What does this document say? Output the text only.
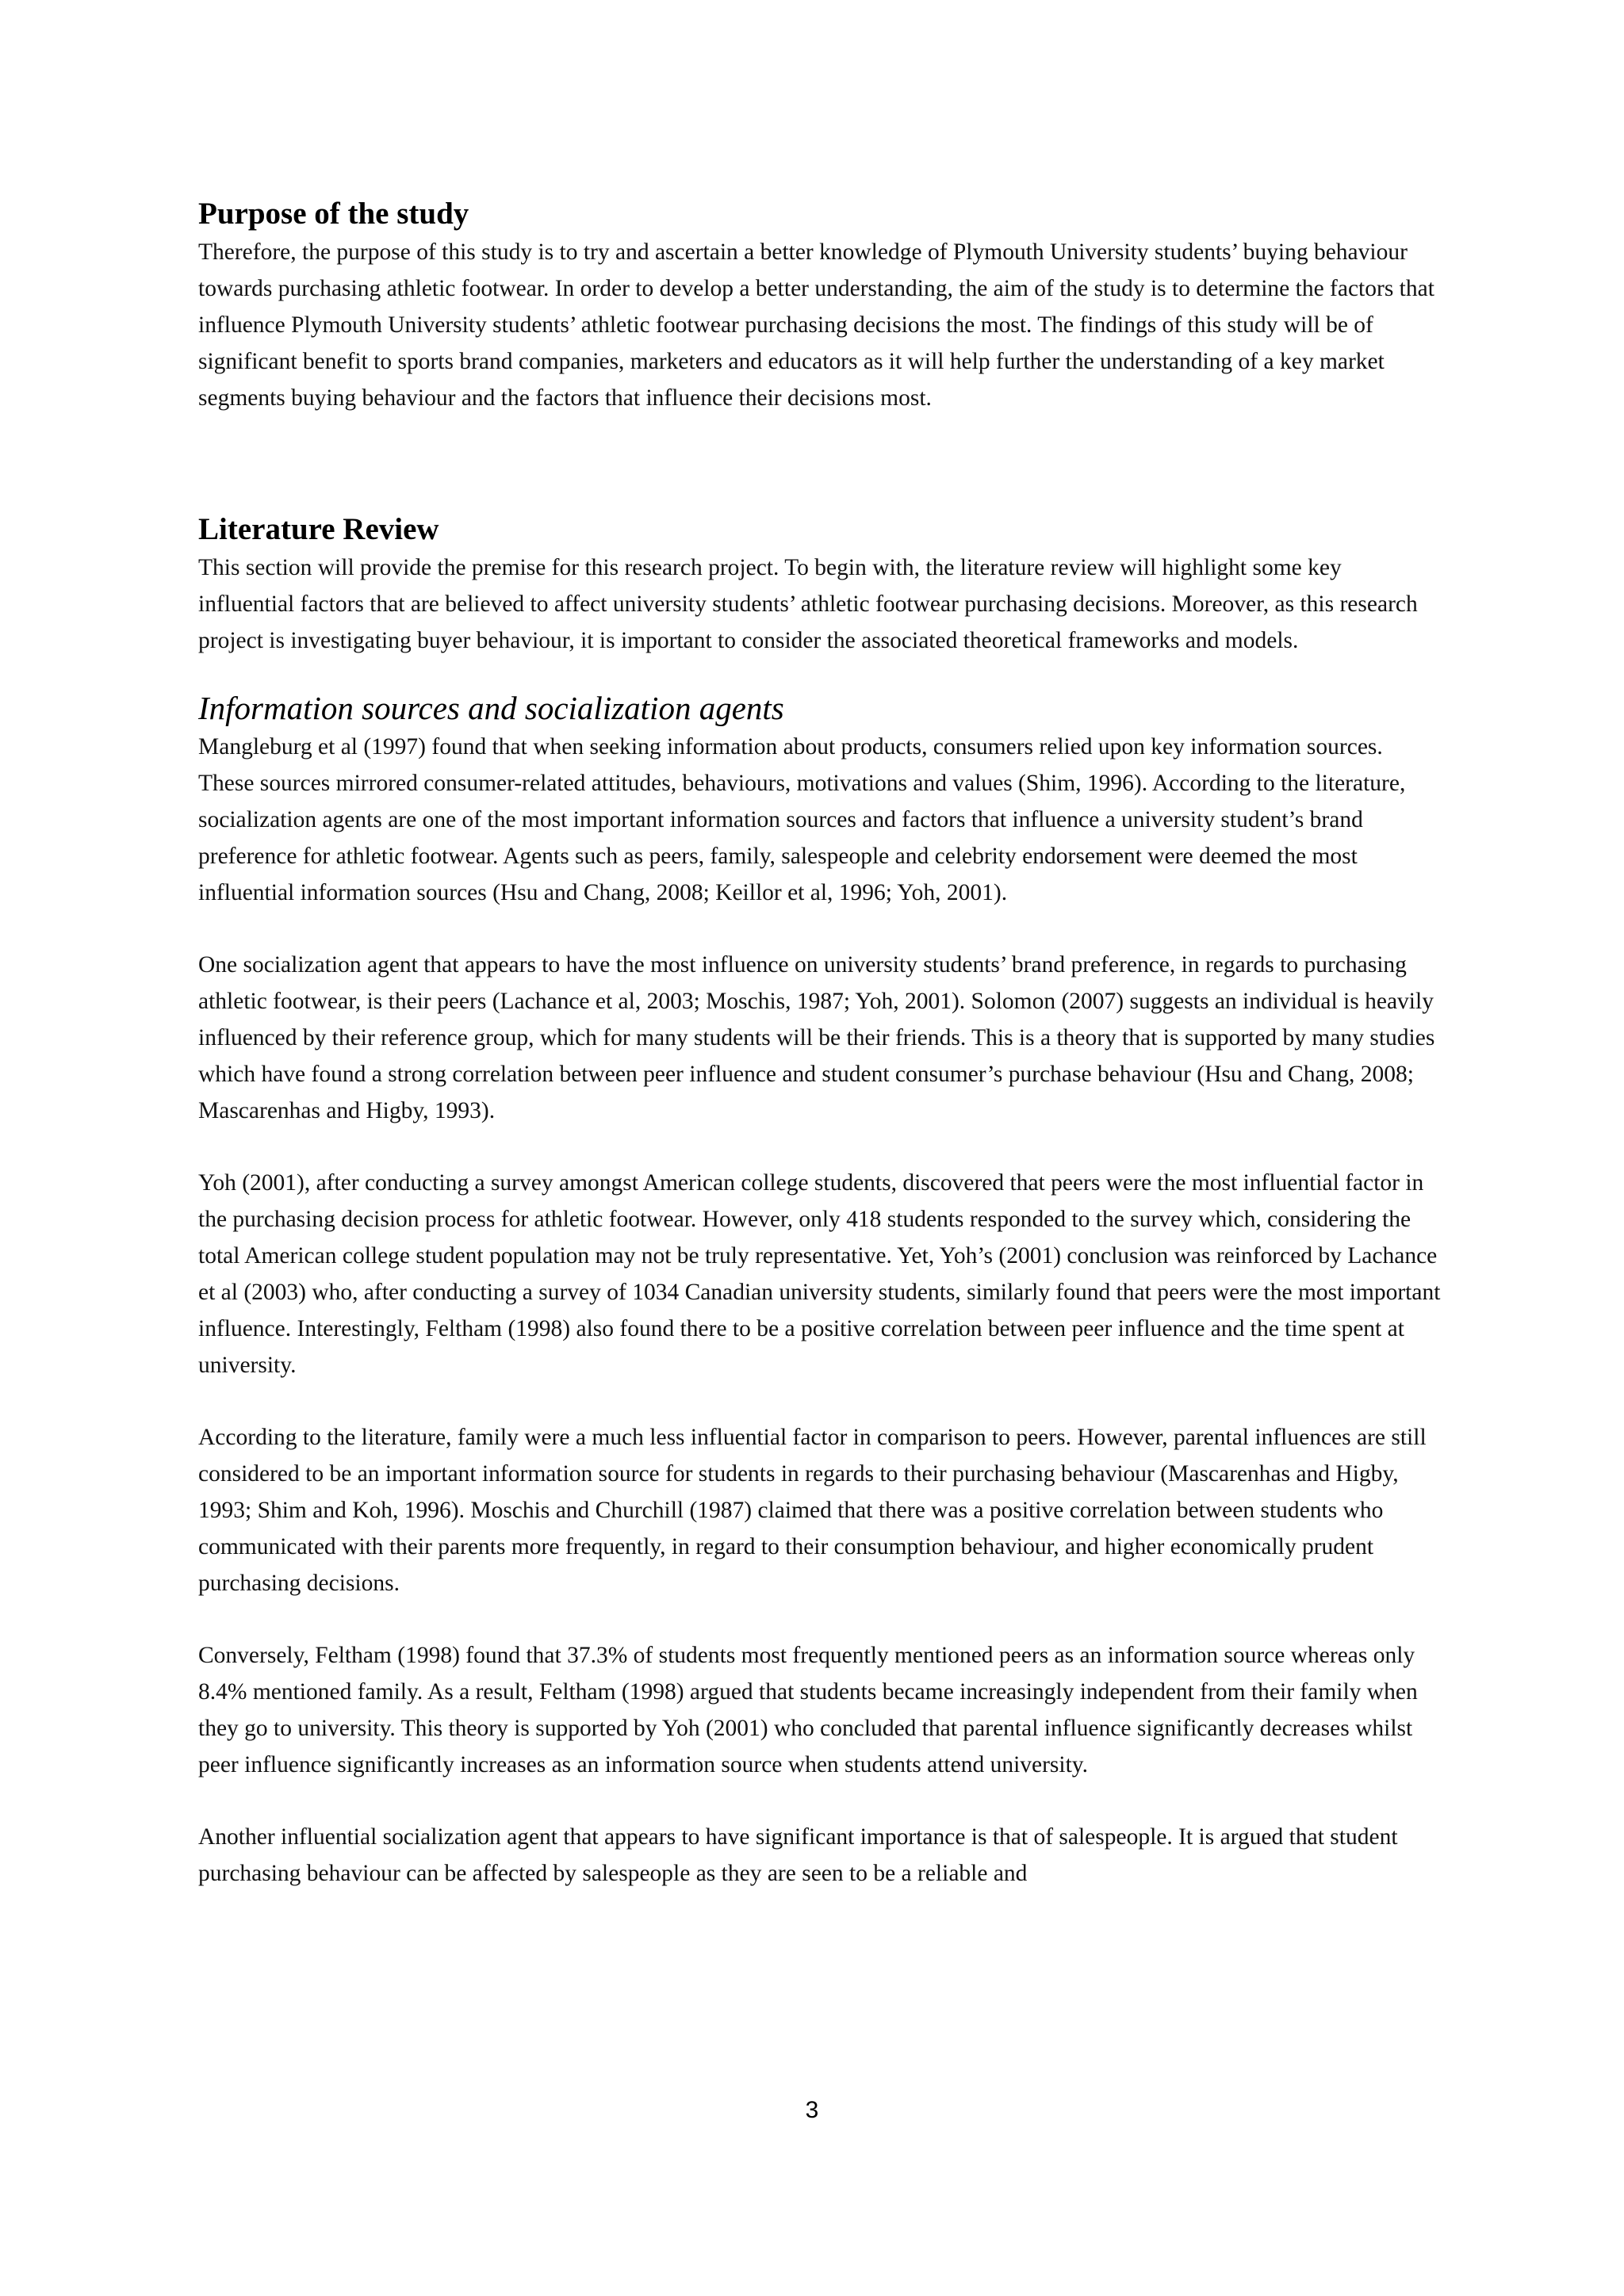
Purpose of the study

Therefore, the purpose of this study is to try and ascertain a better knowledge of Plymouth University students’ buying behaviour towards purchasing athletic footwear. In order to develop a better understanding, the aim of the study is to determine the factors that influence Plymouth University students’ athletic footwear purchasing decisions the most. The findings of this study will be of significant benefit to sports brand companies, marketers and educators as it will help further the understanding of a key market segments buying behaviour and the factors that influence their decisions most.

Literature Review

This section will provide the premise for this research project. To begin with, the literature review will highlight some key influential factors that are believed to affect university students’ athletic footwear purchasing decisions. Moreover, as this research project is investigating buyer behaviour, it is important to consider the associated theoretical frameworks and models.

Information sources and socialization agents

Mangleburg et al (1997) found that when seeking information about products, consumers relied upon key information sources. These sources mirrored consumer-related attitudes, behaviours, motivations and values (Shim, 1996). According to the literature, socialization agents are one of the most important information sources and factors that influence a university student’s brand preference for athletic footwear. Agents such as peers, family, salespeople and celebrity endorsement were deemed the most influential information sources (Hsu and Chang, 2008; Keillor et al, 1996; Yoh, 2001).

One socialization agent that appears to have the most influence on university students’ brand preference, in regards to purchasing athletic footwear, is their peers (Lachance et al, 2003; Moschis, 1987; Yoh, 2001). Solomon (2007) suggests an individual is heavily influenced by their reference group, which for many students will be their friends. This is a theory that is supported by many studies which have found a strong correlation between peer influence and student consumer’s purchase behaviour (Hsu and Chang, 2008; Mascarenhas and Higby, 1993).

Yoh (2001), after conducting a survey amongst American college students, discovered that peers were the most influential factor in the purchasing decision process for athletic footwear. However, only 418 students responded to the survey which, considering the total American college student population may not be truly representative. Yet, Yoh’s (2001) conclusion was reinforced by Lachance et al (2003) who, after conducting a survey of 1034 Canadian university students, similarly found that peers were the most important influence. Interestingly, Feltham (1998) also found there to be a positive correlation between peer influence and the time spent at university.

According to the literature, family were a much less influential factor in comparison to peers. However, parental influences are still considered to be an important information source for students in regards to their purchasing behaviour (Mascarenhas and Higby, 1993; Shim and Koh, 1996). Moschis and Churchill (1987) claimed that there was a positive correlation between students who communicated with their parents more frequently, in regard to their consumption behaviour, and higher economically prudent purchasing decisions.

Conversely, Feltham (1998) found that 37.3% of students most frequently mentioned peers as an information source whereas only 8.4% mentioned family. As a result, Feltham (1998) argued that students became increasingly independent from their family when they go to university. This theory is supported by Yoh (2001) who concluded that parental influence significantly decreases whilst peer influence significantly increases as an information source when students attend university.

Another influential socialization agent that appears to have significant importance is that of salespeople. It is argued that student purchasing behaviour can be affected by salespeople as they are seen to be a reliable and

3
